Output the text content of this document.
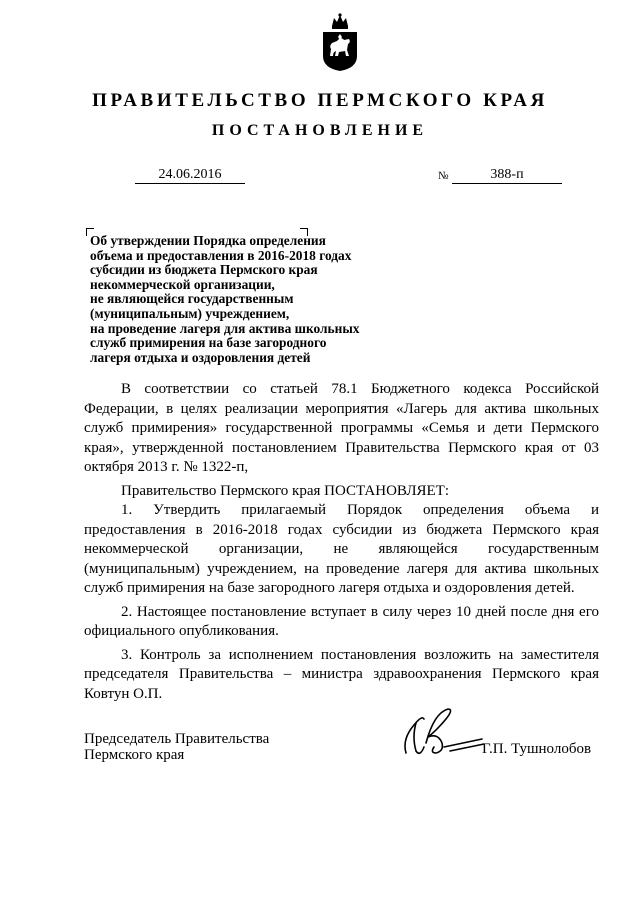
ПРАВИТЕЛЬСТВО ПЕРМСКОГО КРАЯ
ПОСТАНОВЛЕНИЕ
24.06.2016	№	388-п
Об утверждении Порядка определения
объема и предоставления в 2016-2018 годах
субсидии из бюджета Пермского края
некоммерческой организации,
не являющейся государственным
(муниципальным) учреждением,
на проведение лагеря для актива школьных
служб примирения на базе загородного
лагеря отдыха и оздоровления детей

В соответствии со статьей 78.1 Бюджетного кодекса Российской Федерации, в целях реализации мероприятия «Лагерь для актива школьных служб примирения» государственной программы «Семья и дети Пермского края», утвержденной постановлением Правительства Пермского края от 03 октября 2013 г. № 1322-п,

Правительство Пермского края ПОСТАНОВЛЯЕТ:

1. Утвердить прилагаемый Порядок определения объема и предоставления в 2016-2018 годах субсидии из бюджета Пермского края некоммерческой организации, не являющейся государственным (муниципальным) учреждением, на проведение лагеря для актива школьных служб примирения на базе загородного лагеря отдыха и оздоровления детей.

2. Настоящее постановление вступает в силу через 10 дней после дня его официального опубликования.

3. Контроль за исполнением постановления возложить на заместителя председателя Правительства – министра здравоохранения Пермского края Ковтун О.П.

Председатель Правительства
Пермского края	Г.П. Тушнолобов
